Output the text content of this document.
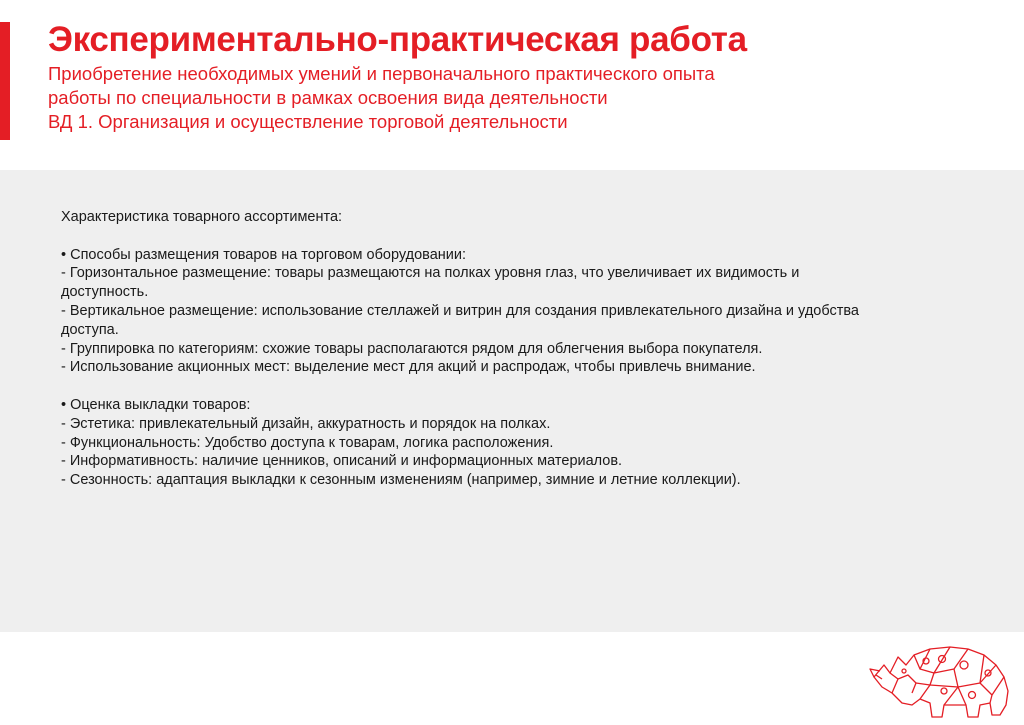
Экспериментально-практическая работа
Приобретение необходимых умений и первоначального практического опыта
работы по специальности в рамках освоения вида деятельности
ВД 1. Организация и осуществление торговой деятельности
Характеристика товарного ассортимента:
• Способы размещения товаров на торговом оборудовании:
- Горизонтальное размещение: товары размещаются на полках уровня глаз, что увеличивает их видимость и
доступность.
- Вертикальное размещение: использование стеллажей и витрин для создания привлекательного дизайна и удобства
доступа.
- Группировка по категориям: схожие товары располагаются рядом для облегчения выбора покупателя.
- Использование акционных мест: выделение мест для акций и распродаж, чтобы привлечь внимание.
• Оценка выкладки товаров:
- Эстетика: привлекательный дизайн, аккуратность и порядок на полках.
- Функциональность: Удобство доступа к товарам, логика расположения.
- Информативность: наличие ценников, описаний и информационных материалов.
- Сезонность: адаптация выкладки к сезонным изменениям (например, зимние и летние коллекции).
